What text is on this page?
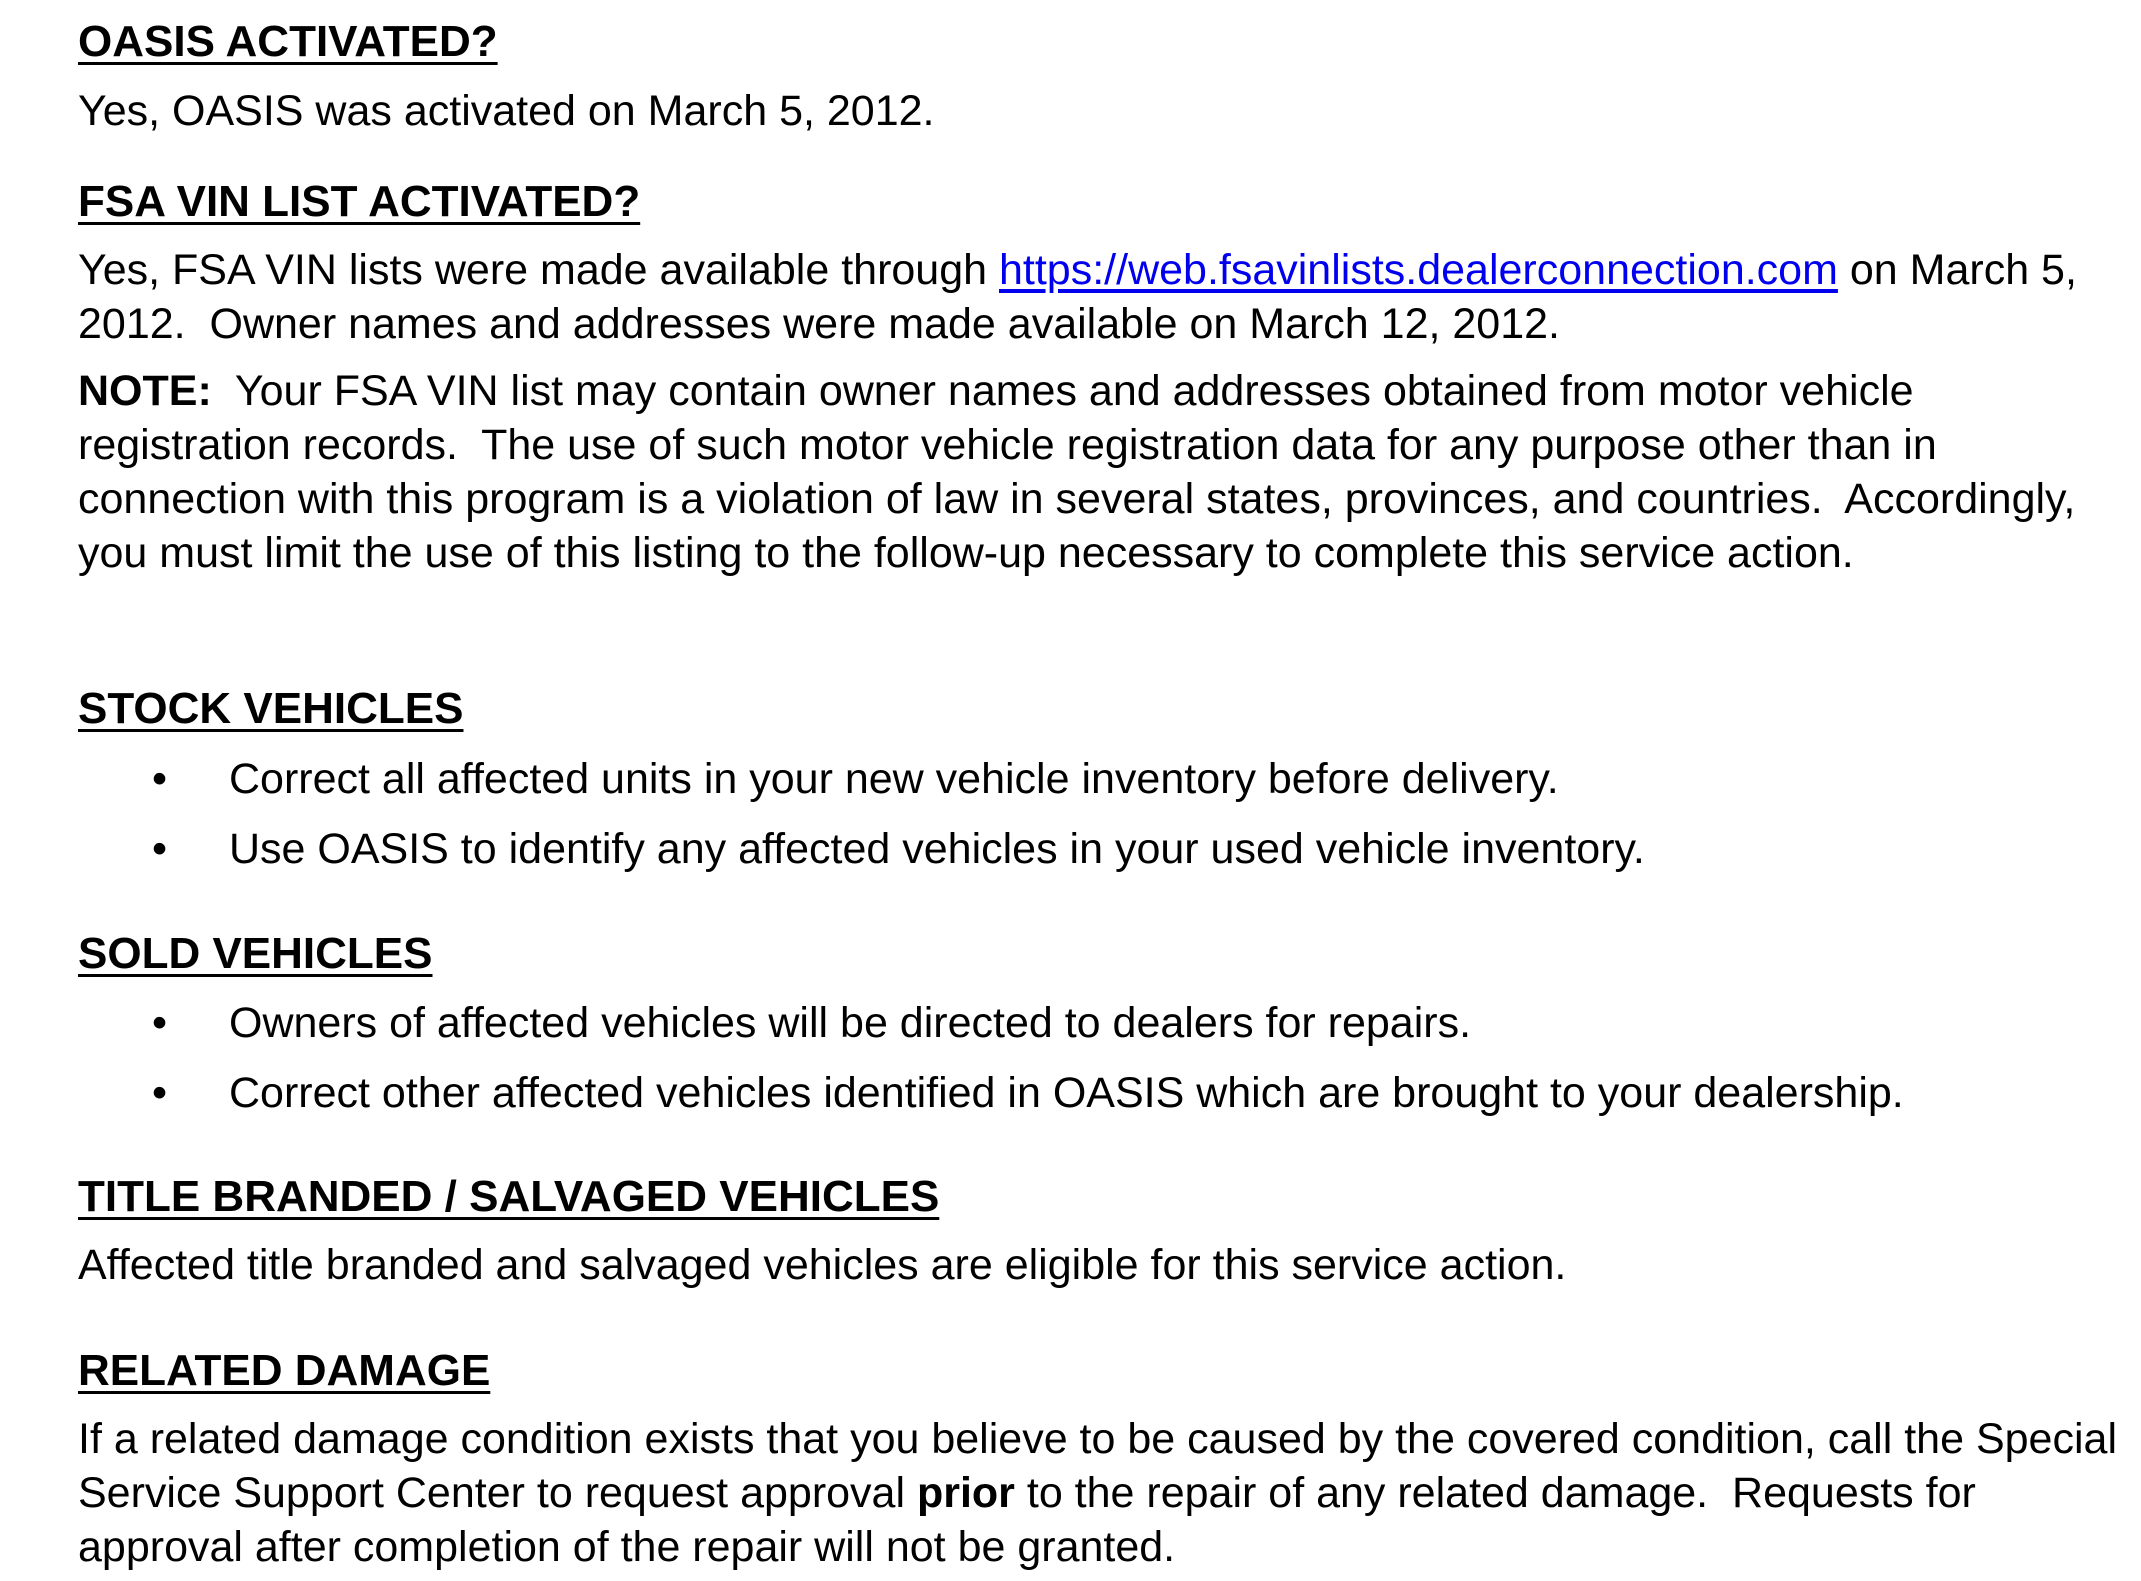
OASIS ACTIVATED?

Yes, OASIS was activated on March 5, 2012.

FSA VIN LIST ACTIVATED?

Yes, FSA VIN lists were made available through https://web.fsavinlists.dealerconnection.com on March 5, 2012.  Owner names and addresses were made available on March 12, 2012.

NOTE:  Your FSA VIN list may contain owner names and addresses obtained from motor vehicle registration records.  The use of such motor vehicle registration data for any purpose other than in connection with this program is a violation of law in several states, provinces, and countries.  Accordingly, you must limit the use of this listing to the follow-up necessary to complete this service action.

STOCK VEHICLES
• Correct all affected units in your new vehicle inventory before delivery.
• Use OASIS to identify any affected vehicles in your used vehicle inventory.
SOLD VEHICLES
• Owners of affected vehicles will be directed to dealers for repairs.
• Correct other affected vehicles identified in OASIS which are brought to your dealership.
TITLE BRANDED / SALVAGED VEHICLES

Affected title branded and salvaged vehicles are eligible for this service action.

RELATED DAMAGE

If a related damage condition exists that you believe to be caused by the covered condition, call the Special Service Support Center to request approval prior to the repair of any related damage.  Requests for approval after completion of the repair will not be granted.
